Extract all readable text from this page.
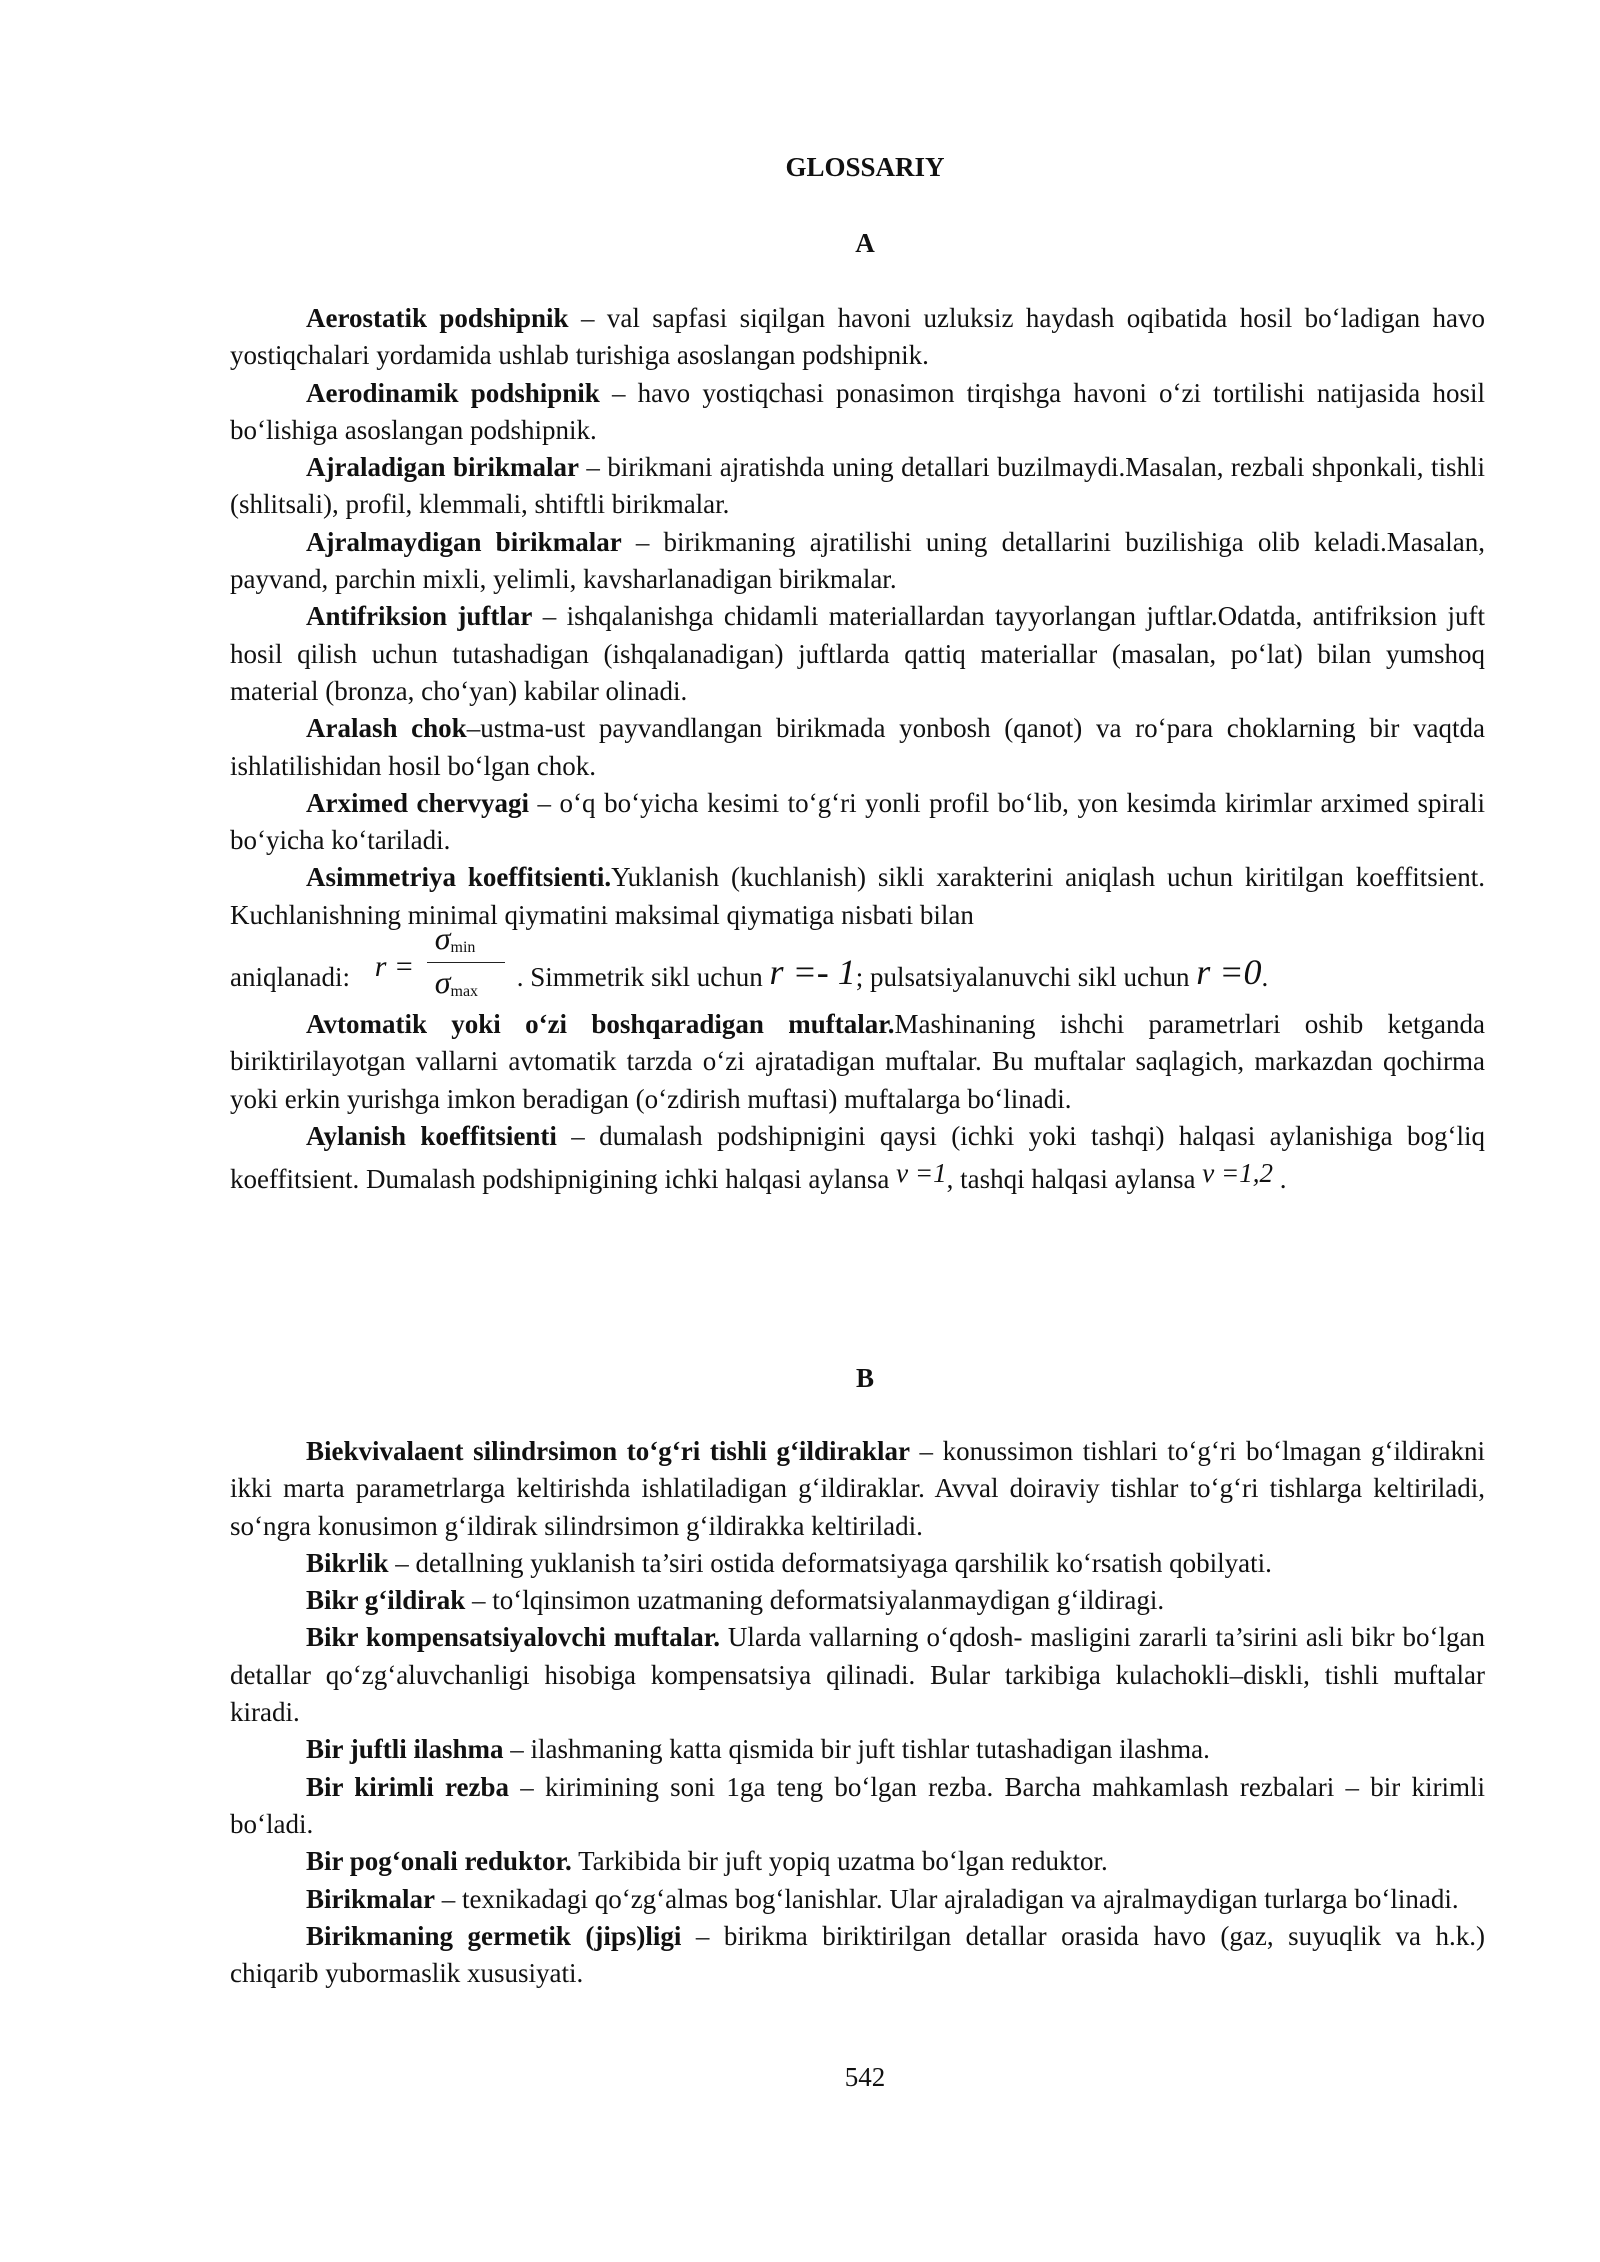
GLOSSARIY
A

Aerostatik podshipnik – val sapfasi siqilgan havoni uzluksiz haydash oqibatida hosil bo‘ladigan havo yostiqchalari yordamida ushlab turishiga asoslangan podshipnik.

Aerodinamik podshipnik – havo yostiqchasi ponasimon tirqishga havoni o‘zi tortilishi natijasida hosil bo‘lishiga asoslangan podshipnik.

Ajraladigan birikmalar – birikmani ajratishda uning detallari buzilmaydi.Masalan, rezbali shponkali, tishli (shlitsali), profil, klemmali, shtiftli birikmalar.

Ajralmaydigan birikmalar – birikmaning ajratilishi uning detallarini buzilishiga olib keladi.Masalan, payvand, parchin mixli, yelimli, kavsharlanadigan birikmalar.

Antifriksion juftlar – ishqalanishga chidamli materiallardan tayyorlangan juftlar.Odatda, antifriksion juft hosil qilish uchun tutashadigan (ishqalanadigan) juftlarda qattiq materiallar (masalan, po‘lat) bilan yumshoq material (bronza, cho‘yan) kabilar olinadi.

Aralash chok–ustma-ust payvandlangan birikmada yonbosh (qanot) va ro‘para choklarning bir vaqtda ishlatilishidan hosil bo‘lgan chok.

Arximed chervyagi – o‘q bo‘yicha kesimi to‘g‘ri yonli profil bo‘lib, yon kesimda kirimlar arximed spirali bo‘yicha ko‘tariladi.

Asimmetriya koeffitsienti.Yuklanish (kuchlanish) sikli xarakterini aniqlash uchun kiritilgan koeffitsient. Kuchlanishning minimal qiymatini maksimal qiymatiga nisbati bilan

aniqlanadi: r =
$\sigma_{min}$
$\sigma_{max}$ . Simmetrik sikl uchun r =- 1; pulsatsiyalanuvchi sikl uchun r =0.

Avtomatik yoki o‘zi boshqaradigan muftalar.Mashinaning ishchi parametrlari oshib ketganda biriktirilayotgan vallarni avtomatik tarzda o‘zi ajratadigan muftalar. Bu muftalar saqlagich, markazdan qochirma yoki erkin yurishga imkon beradigan (o‘zdirish muftasi) muftalarga bo‘linadi.

Aylanish koeffitsienti – dumalash podshipnigini qaysi (ichki yoki tashqi) halqasi aylanishiga bog‘liq koeffitsient. Dumalash podshipnigining ichki halqasi aylansa v =1, tashqi halqasi aylansa v =1,2 .

B

Biekvivalaent silindrsimon to‘g‘ri tishli g‘ildiraklar – konussimon tishlari to‘g‘ri bo‘lmagan g‘ildirakni ikki marta parametrlarga keltirishda ishlatiladigan g‘ildiraklar. Avval doiraviy tishlar to‘g‘ri tishlarga keltiriladi, so‘ngra konusimon g‘ildirak silindrsimon g‘ildirakka keltiriladi.

Bikrlik – detallning yuklanish ta’siri ostida deformatsiyaga qarshilik ko‘rsatish qobilyati.

Bikr g‘ildirak – to‘lqinsimon uzatmaning deformatsiyalanmaydigan g‘ildiragi.

Bikr kompensatsiyalovchi muftalar. Ularda vallarning o‘qdosh- masligini zararli ta’sirini asli bikr bo‘lgan detallar qo‘zg‘aluvchanligi hisobiga kompensatsiya qilinadi. Bular tarkibiga kulachokli–diskli, tishli muftalar kiradi.

Bir juftli ilashma – ilashmaning katta qismida bir juft tishlar tutashadigan ilashma.

Bir kirimli rezba – kirimining soni 1ga teng bo‘lgan rezba. Barcha mahkamlash rezbalari – bir kirimli bo‘ladi.

Bir pog‘onali reduktor. Tarkibida bir juft yopiq uzatma bo‘lgan reduktor.

Birikmalar – texnikadagi qo‘zg‘almas bog‘lanishlar. Ular ajraladigan va ajralmaydigan turlarga bo‘linadi.

Birikmaning germetik (jips)ligi – birikma biriktirilgan detallar orasida havo (gaz, suyuqlik va h.k.) chiqarib yubormaslik xususiyati.

542
